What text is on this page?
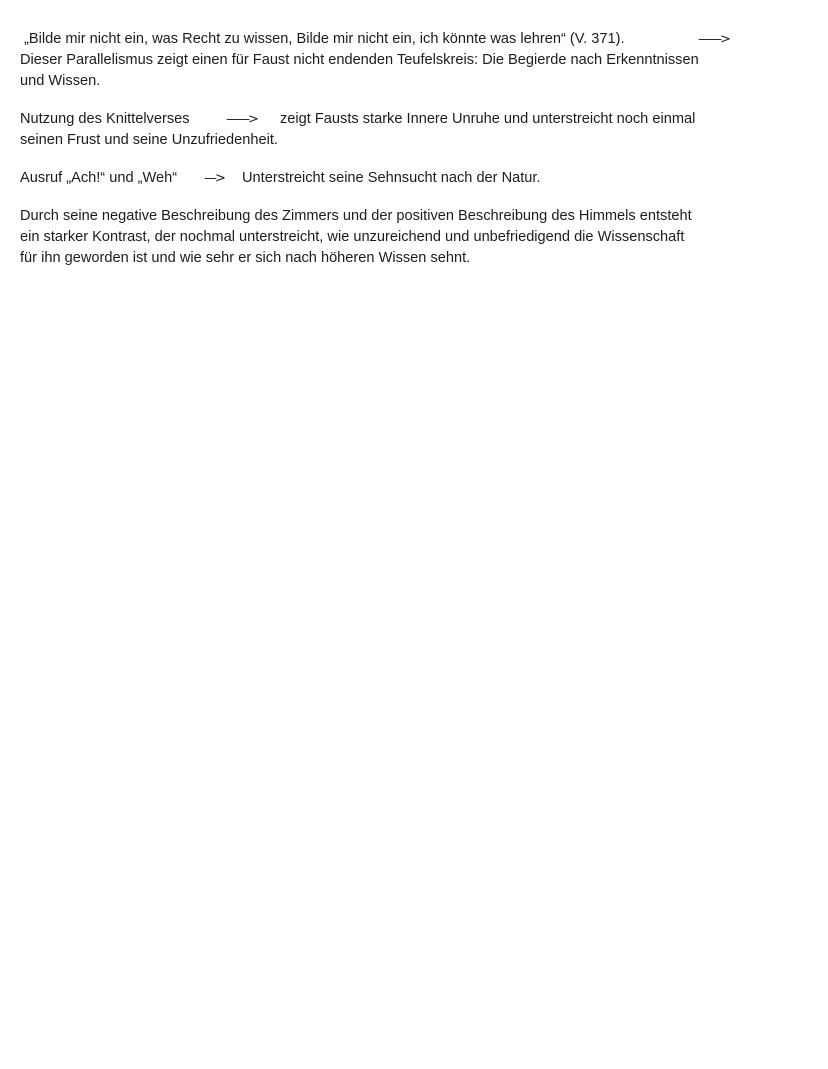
„Bilde mir nicht ein, was Recht zu wissen, Bilde mir nicht ein, ich könnte was lehren“ (V. 371).	——>
Dieser Parallelismus zeigt einen für Faust nicht endenden Teufelskreis: Die Begierde nach Erkenntnissen
und Wissen.
Nutzung des Knittelverses	——> zeigt Fausts starke Innere Unruhe und unterstreicht noch einmal
seinen Frust und seine Unzufriedenheit.
Ausruf „Ach!“ und „Weh“ —> Unterstreicht seine Sehnsucht nach der Natur.
Durch seine negative Beschreibung des Zimmers und der positiven Beschreibung des Himmels entsteht
ein starker Kontrast, der nochmal unterstreicht, wie unzureichend und unbefriedigend die Wissenschaft
für ihn geworden ist und wie sehr er sich nach höheren Wissen sehnt.
